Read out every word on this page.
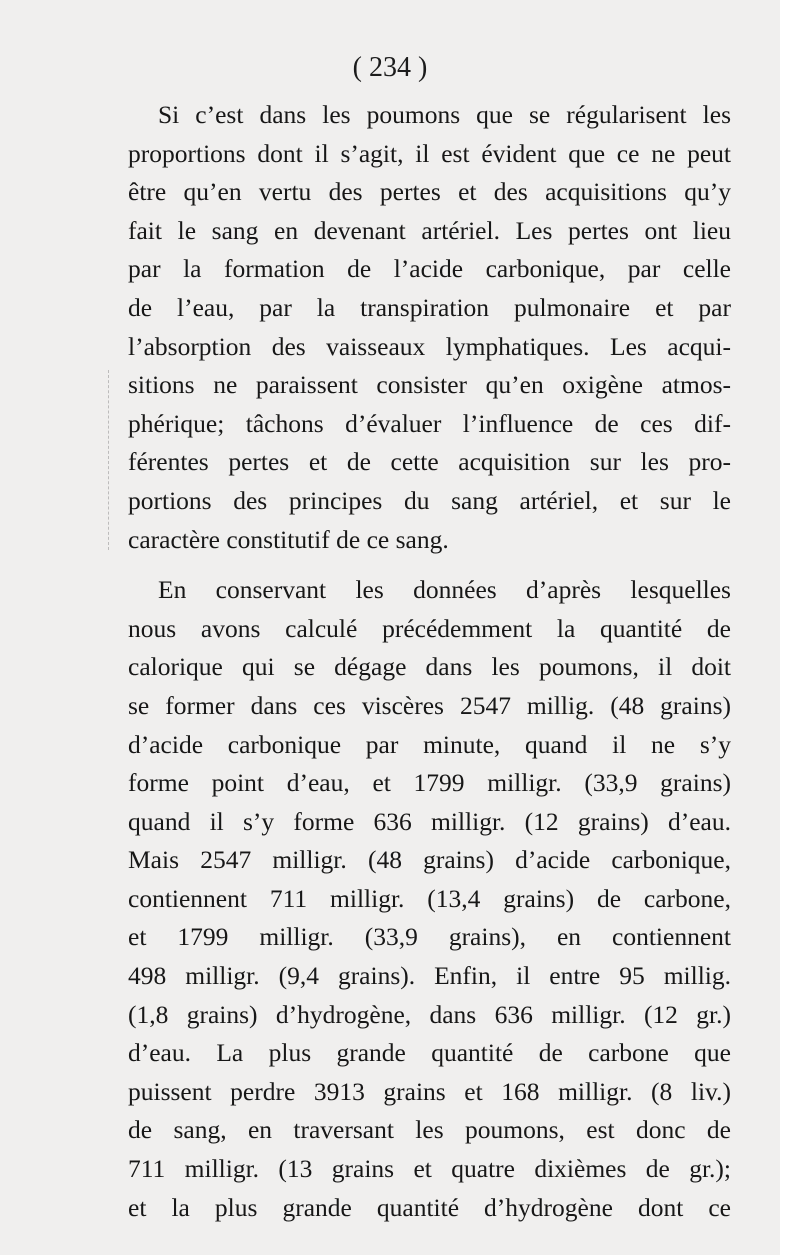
( 234 )
Si c’est dans les poumons que se régularisent les
proportions dont il s’agit, il est évident que ce ne peut
être qu’en vertu des pertes et des acquisitions qu’y
fait le sang en devenant artériel. Les pertes ont lieu
par la formation de l’acide carbonique, par celle
de l’eau, par la transpiration pulmonaire et par
l’absorption des vaisseaux lymphatiques. Les acqui-
sitions ne paraissent consister qu’en oxigène atmos-
phérique; tâchons d’évaluer l’influence de ces dif-
férentes pertes et de cette acquisition sur les pro-
portions des principes du sang artériel, et sur le
caractère constitutif de ce sang.
En conservant les données d’après lesquelles
nous avons calculé précédemment la quantité de
calorique qui se dégage dans les poumons, il doit
se former dans ces viscères 2547 millig. (48 grains)
d’acide carbonique par minute, quand il ne s’y
forme point d’eau, et 1799 milligr. (33,9 grains)
quand il s’y forme 636 milligr. (12 grains) d’eau.
Mais 2547 milligr. (48 grains) d’acide carbonique,
contiennent 711 milligr. (13,4 grains) de carbone,
et 1799 milligr. (33,9 grains), en contiennent
498 milligr. (9,4 grains). Enfin, il entre 95 millig.
(1,8 grains) d’hydrogène, dans 636 milligr. (12 gr.)
d’eau. La plus grande quantité de carbone que
puissent perdre 3913 grains et 168 milligr. (8 liv.)
de sang, en traversant les poumons, est donc de
711 milligr. (13 grains et quatre dixièmes de gr.);
et la plus grande quantité d’hydrogène dont ce
